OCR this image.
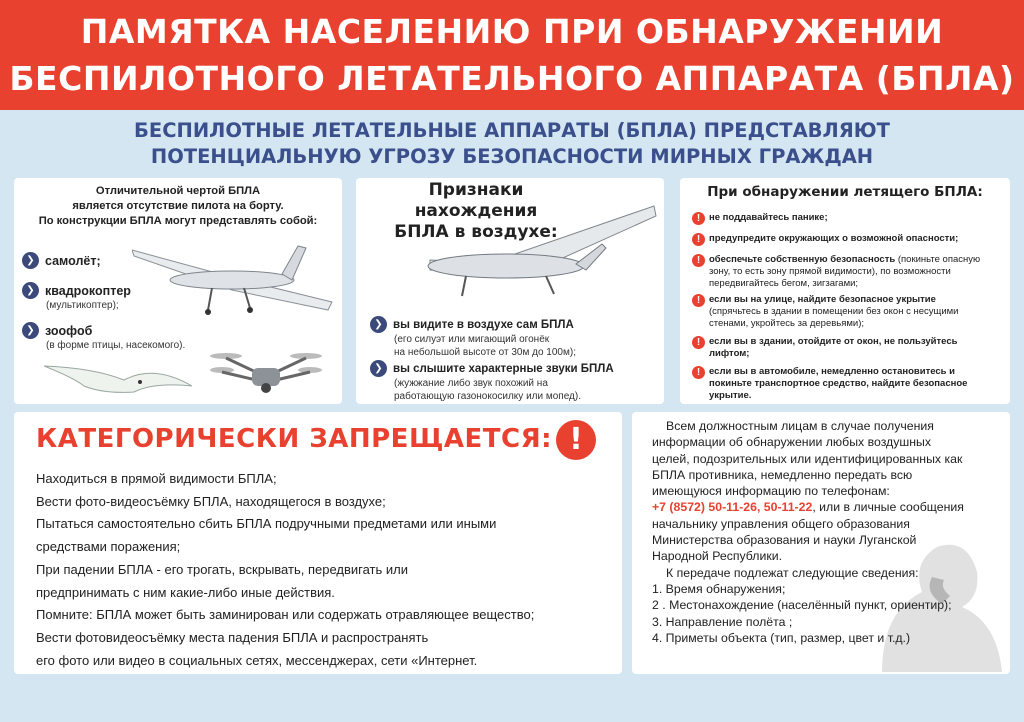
ПАМЯТКА НАСЕЛЕНИЮ ПРИ ОБНАРУЖЕНИИ
БЕСПИЛОТНОГО ЛЕТАТЕЛЬНОГО АППАРАТА (БПЛА)
БЕСПИЛОТНЫЕ ЛЕТАТЕЛЬНЫЕ АППАРАТЫ (БПЛА) ПРЕДСТАВЛЯЮТ
ПОТЕНЦИАЛЬНУЮ УГРОЗУ БЕЗОПАСНОСТИ МИРНЫХ ГРАЖДАН
Отличительной чертой БПЛА
является отсутствие пилота на борту.
По конструкции БПЛА могут представлять собой:
❯ самолёт;
❯ квадрокоптер
(мультикоптер);
❯ зоофоб
(в форме птицы, насекомого).
Признаки нахождения
БПЛА в воздухе:
❯ вы видите в воздухе сам БПЛА
(его силуэт или мигающий огонёк
на небольшой высоте от 30м до 100м);
❯ вы слышите характерные звуки БПЛА
(жужжание либо звук похожий на
работающую газонокосилку или мопед).
При обнаружении летящего БПЛА:
! не поддавайтесь панике;
! предупредите окружающих о возможной опасности;
! обеспечьте собственную безопасность (покиньте опасную зону, то есть зону прямой видимости), по возможности передвигайтесь бегом, зигзагами;
! если вы на улице, найдите безопасное укрытие (спрячьтесь в здании в помещении без окон с несущими стенами, укройтесь за деревьями);
! если вы в здании, отойдите от окон, не пользуйтесь лифтом;
! если вы в автомобиле, немедленно остановитесь и покиньте транспортное средство, найдите безопасное укрытие.
КАТЕГОРИЧЕСКИ ЗАПРЕЩАЕТСЯ: !
Находиться в прямой видимости БПЛА;
Вести фото-видеосъёмку БПЛА, находящегося в воздухе;
Пытаться самостоятельно сбить БПЛА подручными предметами или иными
средствами поражения;
При падении БПЛА - его трогать, вскрывать, передвигать или
предпринимать с ним какие-либо иные действия.
Помните: БПЛА может быть заминирован или содержать отравляющее вещество;
Вести фотовидеосъёмку места падения БПЛА и распространять
его фото или видео в социальных сетях, мессенджерах, сети «Интернет.
Всем должностным лицам в случае получения
информации об обнаружении любых воздушных
целей, подозрительных или идентифицированных как
БПЛА противника, немедленно передать всю
имеющуюся информацию по телефонам:
+7 (8572) 50-11-26, 50-11-22, или в личные сообщения
начальнику управления общего образования
Министерства образования и науки Луганской
Народной Республики.
К передаче подлежат следующие сведения:
1. Время обнаружения;
2 . Местонахождение (населённый пункт, ориентир);
3. Направление полёта ;
4. Приметы объекта (тип, размер, цвет и т.д.)
